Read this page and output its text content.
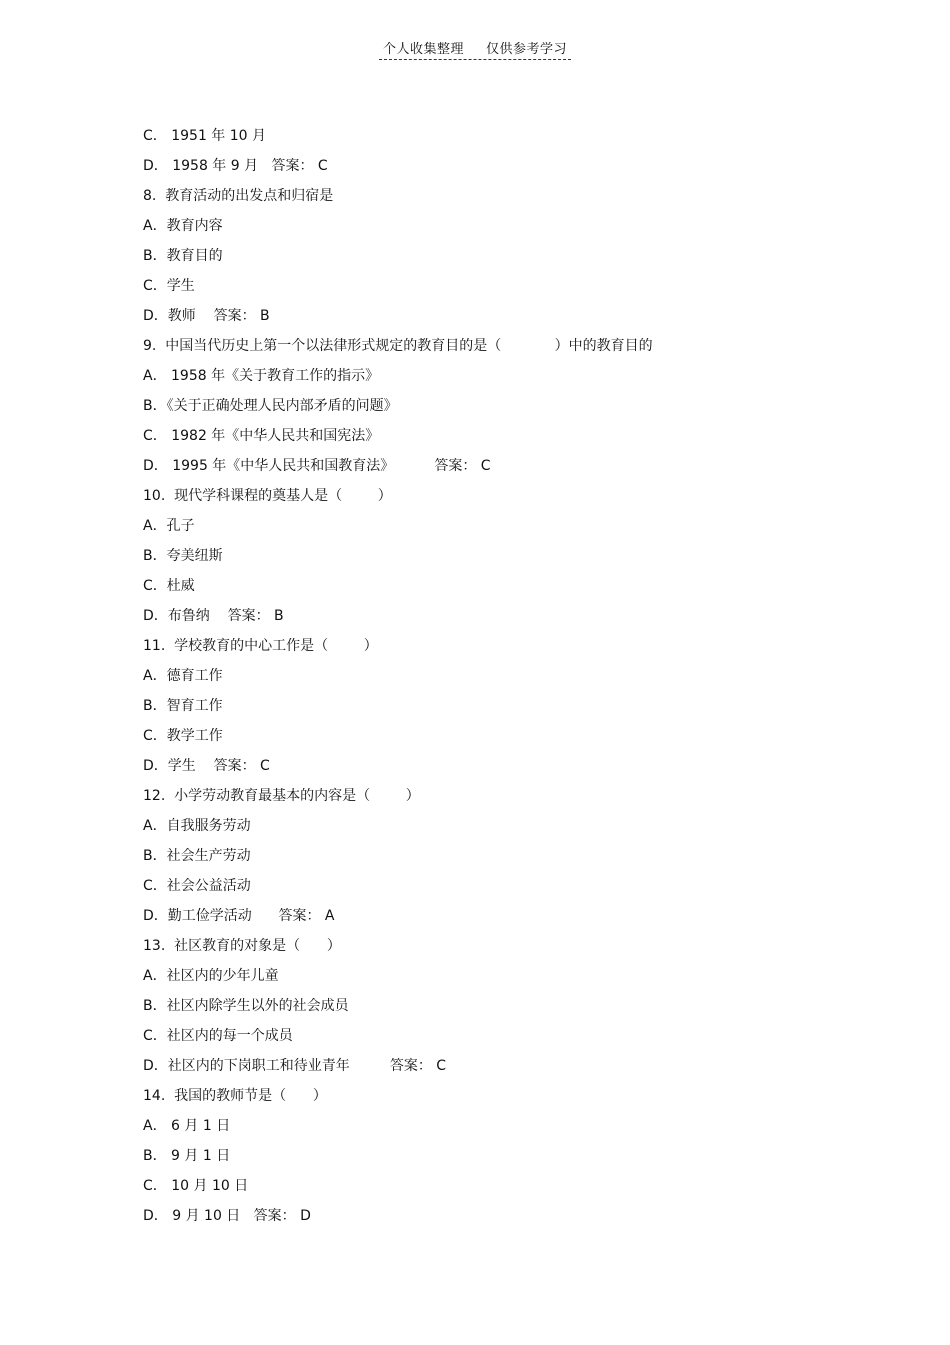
个人收集整理 仅供参考学习
C． 1951 年 10 月
D． 1958 年 9 月   答案： C
8.  教育活动的出发点和归宿是
A．教育内容
B．教育目的
C．学生
D．教师    答案： B
9.  中国当代历史上第一个以法律形式规定的教育目的是（            ）中的教育目的
A． 1958 年《关于教育工作的指示》
B．《关于正确处理人民内部矛盾的问题》
C． 1982 年《中华人民共和国宪法》
D． 1995 年《中华人民共和国教育法》         答案： C
10.  现代学科课程的奠基人是（        ）
A．孔子
B．夸美纽斯
C．杜威
D．布鲁纳    答案： B
11.  学校教育的中心工作是（        ）
A．德育工作
B．智育工作
C．教学工作
D．学生    答案： C
12.  小学劳动教育最基本的内容是（        ）
A．自我服务劳动
B．社会生产劳动
C．社会公益活动
D．勤工俭学活动      答案： A
13.  社区教育的对象是（      ）
A．社区内的少年儿童
B．社区内除学生以外的社会成员
C．社区内的每一个成员
D．社区内的下岗职工和待业青年         答案： C
14.  我国的教师节是（      ）
A． 6 月 1 日
B． 9 月 1 日
C． 10 月 10 日
D． 9 月 10 日   答案： D
